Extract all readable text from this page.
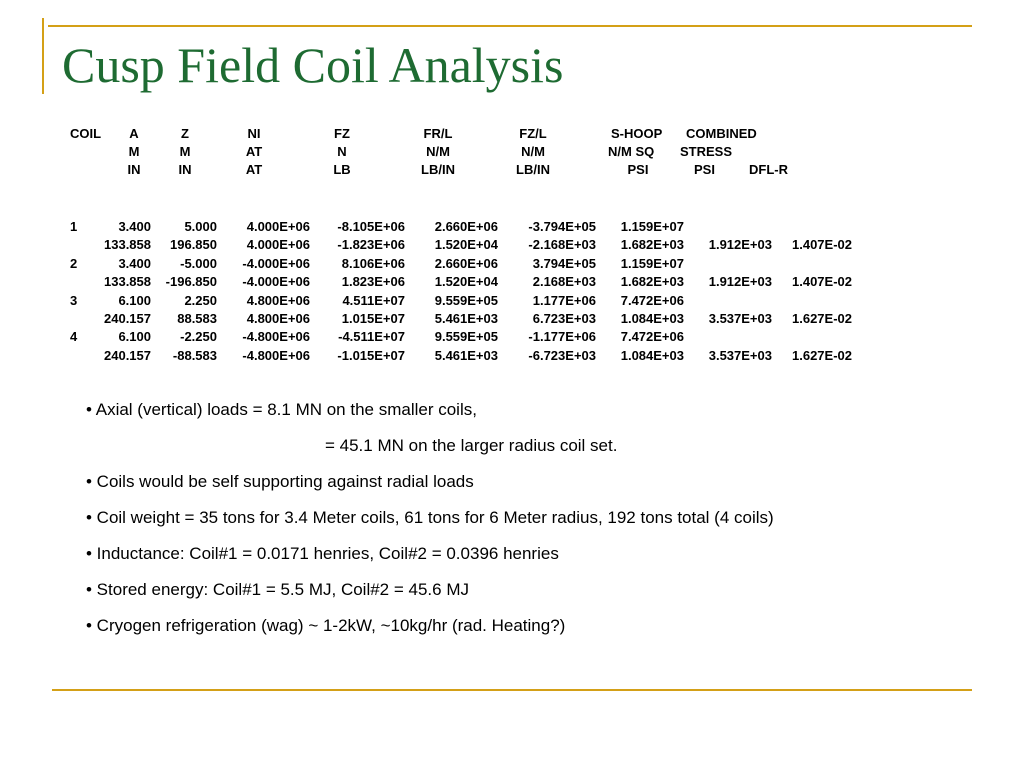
Cusp Field Coil Analysis
COIL A	Z	NI	FZ	FR/L	FZ/L	S-HOOP COMBINED
M	M	AT	N	N/M	N/M	N/M SQ STRESS
IN	IN	AT	LB	LB/IN	LB/IN	PSI	PSI	DFL-R
1	3.400	5.000 4.000E+06 -8.105E+06 2.660E+06 -3.794E+05 1.159E+07
133.858 196.850 4.000E+06 -1.823E+06 1.520E+04 -2.168E+03 1.682E+03 1.912E+03 1.407E-02
2	3.400 -5.000 -4.000E+06 8.106E+06 2.660E+06	3.794E+05 1.159E+07
133.858 -196.850 -4.000E+06 1.823E+06 1.520E+04	2.168E+03 1.682E+03 1.912E+03 1.407E-02
3	6.100	2.250 4.800E+06 4.511E+07 9.559E+05	1.177E+06 7.472E+06
240.157 88.583 4.800E+06 1.015E+07 5.461E+03	6.723E+03 1.084E+03 3.537E+03 1.627E-02
4	6.100 -2.250 -4.800E+06 -4.511E+07 9.559E+05 -1.177E+06 7.472E+06
240.157 -88.583 -4.800E+06 -1.015E+07 5.461E+03 -6.723E+03 1.084E+03 3.537E+03 1.627E-02
• Axial (vertical) loads = 8.1 MN on the smaller coils,
= 45.1 MN on the larger radius coil set.
• Coils would be self supporting against radial loads
• Coil weight = 35 tons for 3.4 Meter coils, 61 tons for 6 Meter radius, 192 tons total (4 coils)
• Inductance: Coil#1 = 0.0171 henries, Coil#2 = 0.0396 henries
• Stored energy: Coil#1 = 5.5 MJ, Coil#2 = 45.6 MJ
• Cryogen refrigeration (wag) ~ 1-2kW, ~10kg/hr (rad. Heating?)
